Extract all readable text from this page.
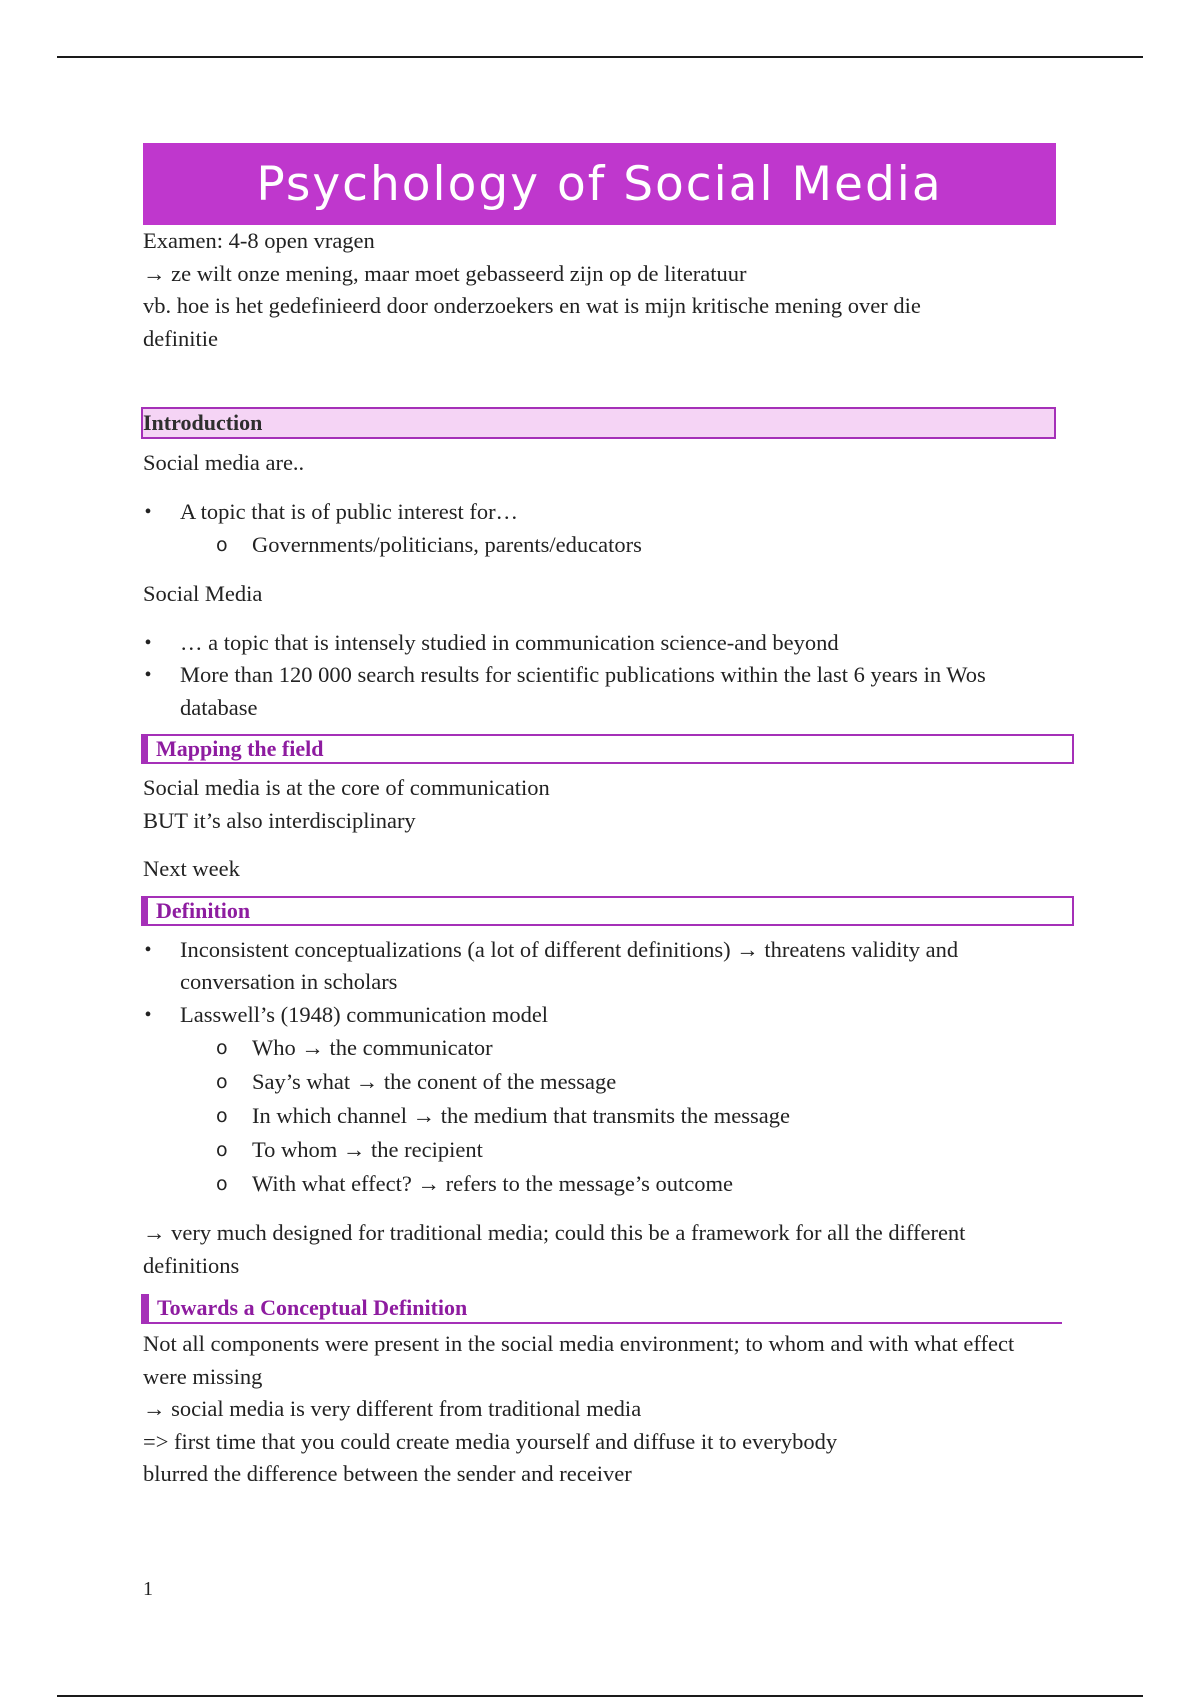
Psychology of Social Media

Examen: 4-8 open vragen

→ ze wilt onze mening, maar moet gebasseerd zijn op de literatuur

vb. hoe is het gedefinieerd door onderzoekers en wat is mijn kritische mening over die

definitie

Introduction

Social media are..

• A topic that is of public interest for…
o Governments/politicians, parents/educators

Social Media

• … a topic that is intensely studied in communication science-and beyond
• More than 120 000 search results for scientific publications within the last 6 years in Wos database
Mapping the field

Social media is at the core of communication

BUT it’s also interdisciplinary

Next week

Definition
• Inconsistent conceptualizations (a lot of different definitions) → threatens validity and conversation in scholars
• Lasswell’s (1948) communication model
o Who → the communicator
o Say’s what → the conent of the message
o In which channel → the medium that transmits the message
o To whom → the recipient
o With what effect? → refers to the message’s outcome

→ very much designed for traditional media; could this be a framework for all the different definitions

Towards a Conceptual Definition

Not all components were present in the social media environment; to whom and with what effect were missing

→ social media is very different from traditional media

=> first time that you could create media yourself and diffuse it to everybody

blurred the difference between the sender and receiver

1
